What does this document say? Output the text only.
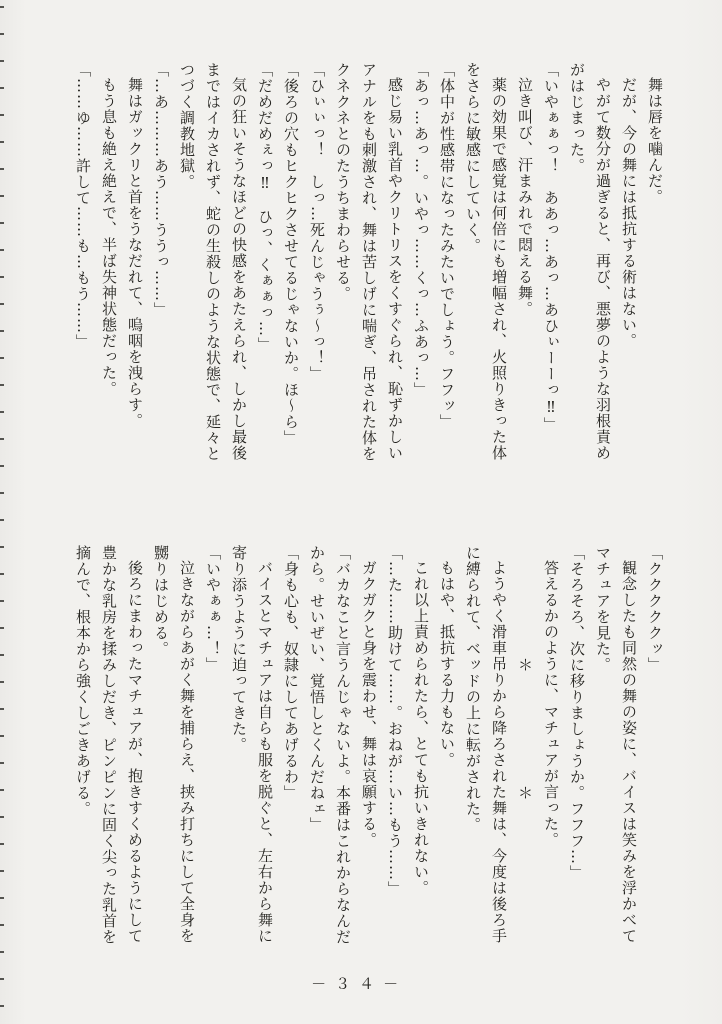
舞は唇を噛んだ。

だが、今の舞には抵抗する術はない。

やがて数分が過ぎると、再び、悪夢のような羽根責めがはじまった。

「いやぁぁっ！　ああっ…あっ…あひぃーーっ‼」

泣き叫び、汗まみれで悶える舞。

薬の効果で感覚は何倍にも増幅され、火照りきった体をさらに敏感にしていく。

「体中が性感帯になったみたいでしょう。フフッ」

「あっ…あっ…。いやっ……くっ…ふあっ…」

感じ易い乳首やクリトリスをくすぐられ、恥ずかしいアナルをも刺激され、舞は苦しげに喘ぎ、吊された体をクネクネとのたうちまわらせる。

「ひぃぃっ！　しっ…死んじゃうぅ〜っ！」

「後ろの穴もヒクヒクさせてるじゃないか。ほ〜ら」

「だめだめぇっ‼　ひっ、くぁぁっ…」

気の狂いそうなほどの快感をあたえられ、しかし最後まではイカされず、蛇の生殺しのような状態で、延々とつづく調教地獄。

「…あ………あう……ううっ……」

舞はガックリと首をうなだれて、嗚咽を洩らす。

もう息も絶え絶えで、半ば失神状態だった。

「……ゆ……許して……も…もう……」

「クククククッ」

観念したも同然の舞の姿に、バイスは笑みを浮かべてマチュアを見た。

「そろそろ、次に移りましょうか。フフフ…」

答えるかのように、マチュアが言った。

　　　　　　　＊　　　　　　　＊

ようやく滑車吊りから降ろされた舞は、今度は後ろ手に縛られて、ベッドの上に転がされた。

もはや、抵抗する力もない。

これ以上責められたら、とても抗いきれない。

「…た……助けて……。おねが…い…もう……」

ガクガクと身を震わせ、舞は哀願する。

「バカなこと言うんじゃないよ。本番はこれからなんだから。せいぜい、覚悟しとくんだねェ」

「身も心も、奴隷にしてあげるわ」

バイスとマチュアは自らも服を脱ぐと、左右から舞に寄り添うように迫ってきた。

「いやぁぁ…！」

泣きながらあがく舞を捕らえ、挟み打ちにして全身を嬲りはじめる。

後ろにまわったマチュアが、抱きすくめるようにして豊かな乳房を揉みしだき、ピンピンに固く尖った乳首を摘んで、根本から強くしごきあげる。

－３４－
